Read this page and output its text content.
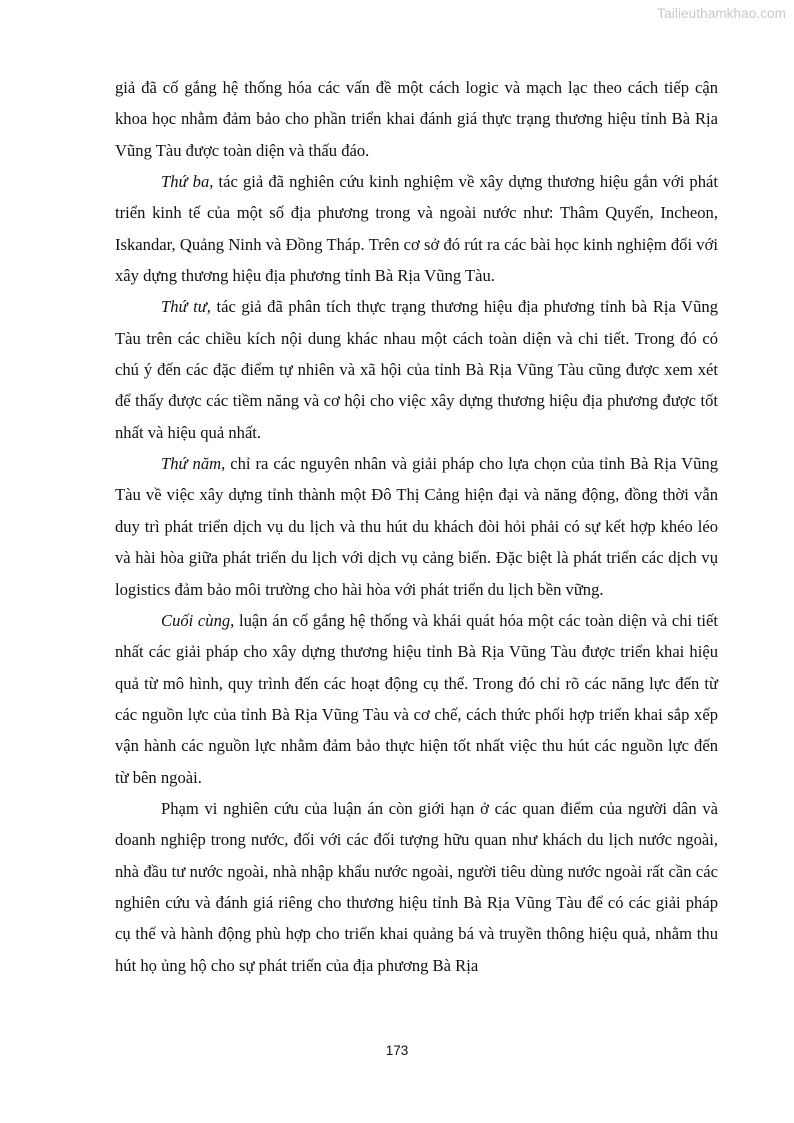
Tailieuthamkhao.com

giả đã cố gắng hệ thống hóa các vấn đề một cách logic và mạch lạc theo cách tiếp cận khoa học nhằm đảm bảo cho phần triển khai đánh giá thực trạng thương hiệu tỉnh Bà Rịa Vũng Tàu được toàn diện và thấu đáo.

Thứ ba, tác giả đã nghiên cứu kinh nghiệm về xây dựng thương hiệu gắn với phát triển kinh tế của một số địa phương trong và ngoài nước như: Thâm Quyến, Incheon, Iskandar, Quảng Ninh và Đồng Tháp. Trên cơ sở đó rút ra các bài học kinh nghiệm đối với xây dựng thương hiệu địa phương tỉnh Bà Rịa Vũng Tàu.

Thứ tư, tác giả đã phân tích thực trạng thương hiệu địa phương tỉnh bà Rịa Vũng Tàu trên các chiều kích nội dung khác nhau một cách toàn diện và chi tiết. Trong đó có chú ý đến các đặc điểm tự nhiên và xã hội của tỉnh Bà Rịa Vũng Tàu cũng được xem xét để thấy được các tiềm năng và cơ hội cho việc xây dựng thương hiệu địa phương được tốt nhất và hiệu quả nhất.

Thứ năm, chỉ ra các nguyên nhân và giải pháp cho lựa chọn của tỉnh Bà Rịa Vũng Tàu về việc xây dựng tỉnh thành một Đô Thị Cảng hiện đại và năng động, đồng thời vẫn duy trì phát triển dịch vụ du lịch và thu hút du khách đòi hỏi phải có sự kết hợp khéo léo và hài hòa giữa phát triển du lịch với dịch vụ cảng biển. Đặc biệt là phát triển các dịch vụ logistics đảm bảo môi trường cho hài hòa với phát triển du lịch bền vững.

Cuối cùng, luận án cố gắng hệ thống và khái quát hóa một các toàn diện và chi tiết nhất các giải pháp cho xây dựng thương hiệu tỉnh Bà Rịa Vũng Tàu được triển khai hiệu quả từ mô hình, quy trình đến các hoạt động cụ thể. Trong đó chỉ rõ các năng lực đến từ các nguồn lực của tỉnh Bà Rịa Vũng Tàu và cơ chế, cách thức phối hợp triển khai sắp xếp vận hành các nguồn lực nhằm đảm bảo thực hiện tốt nhất việc thu hút các nguồn lực đến từ bên ngoài.

Phạm vi nghiên cứu của luận án còn giới hạn ở các quan điểm của người dân và doanh nghiệp trong nước, đối với các đối tượng hữu quan như khách du lịch nước ngoài, nhà đầu tư nước ngoài, nhà nhập khẩu nước ngoài, người tiêu dùng nước ngoài rất cần các nghiên cứu và đánh giá riêng cho thương hiệu tỉnh Bà Rịa Vũng Tàu để có các giải pháp cụ thể và hành động phù hợp cho triển khai quảng bá và truyền thông hiệu quả, nhằm thu hút họ ủng hộ cho sự phát triển của địa phương Bà Rịa

173
